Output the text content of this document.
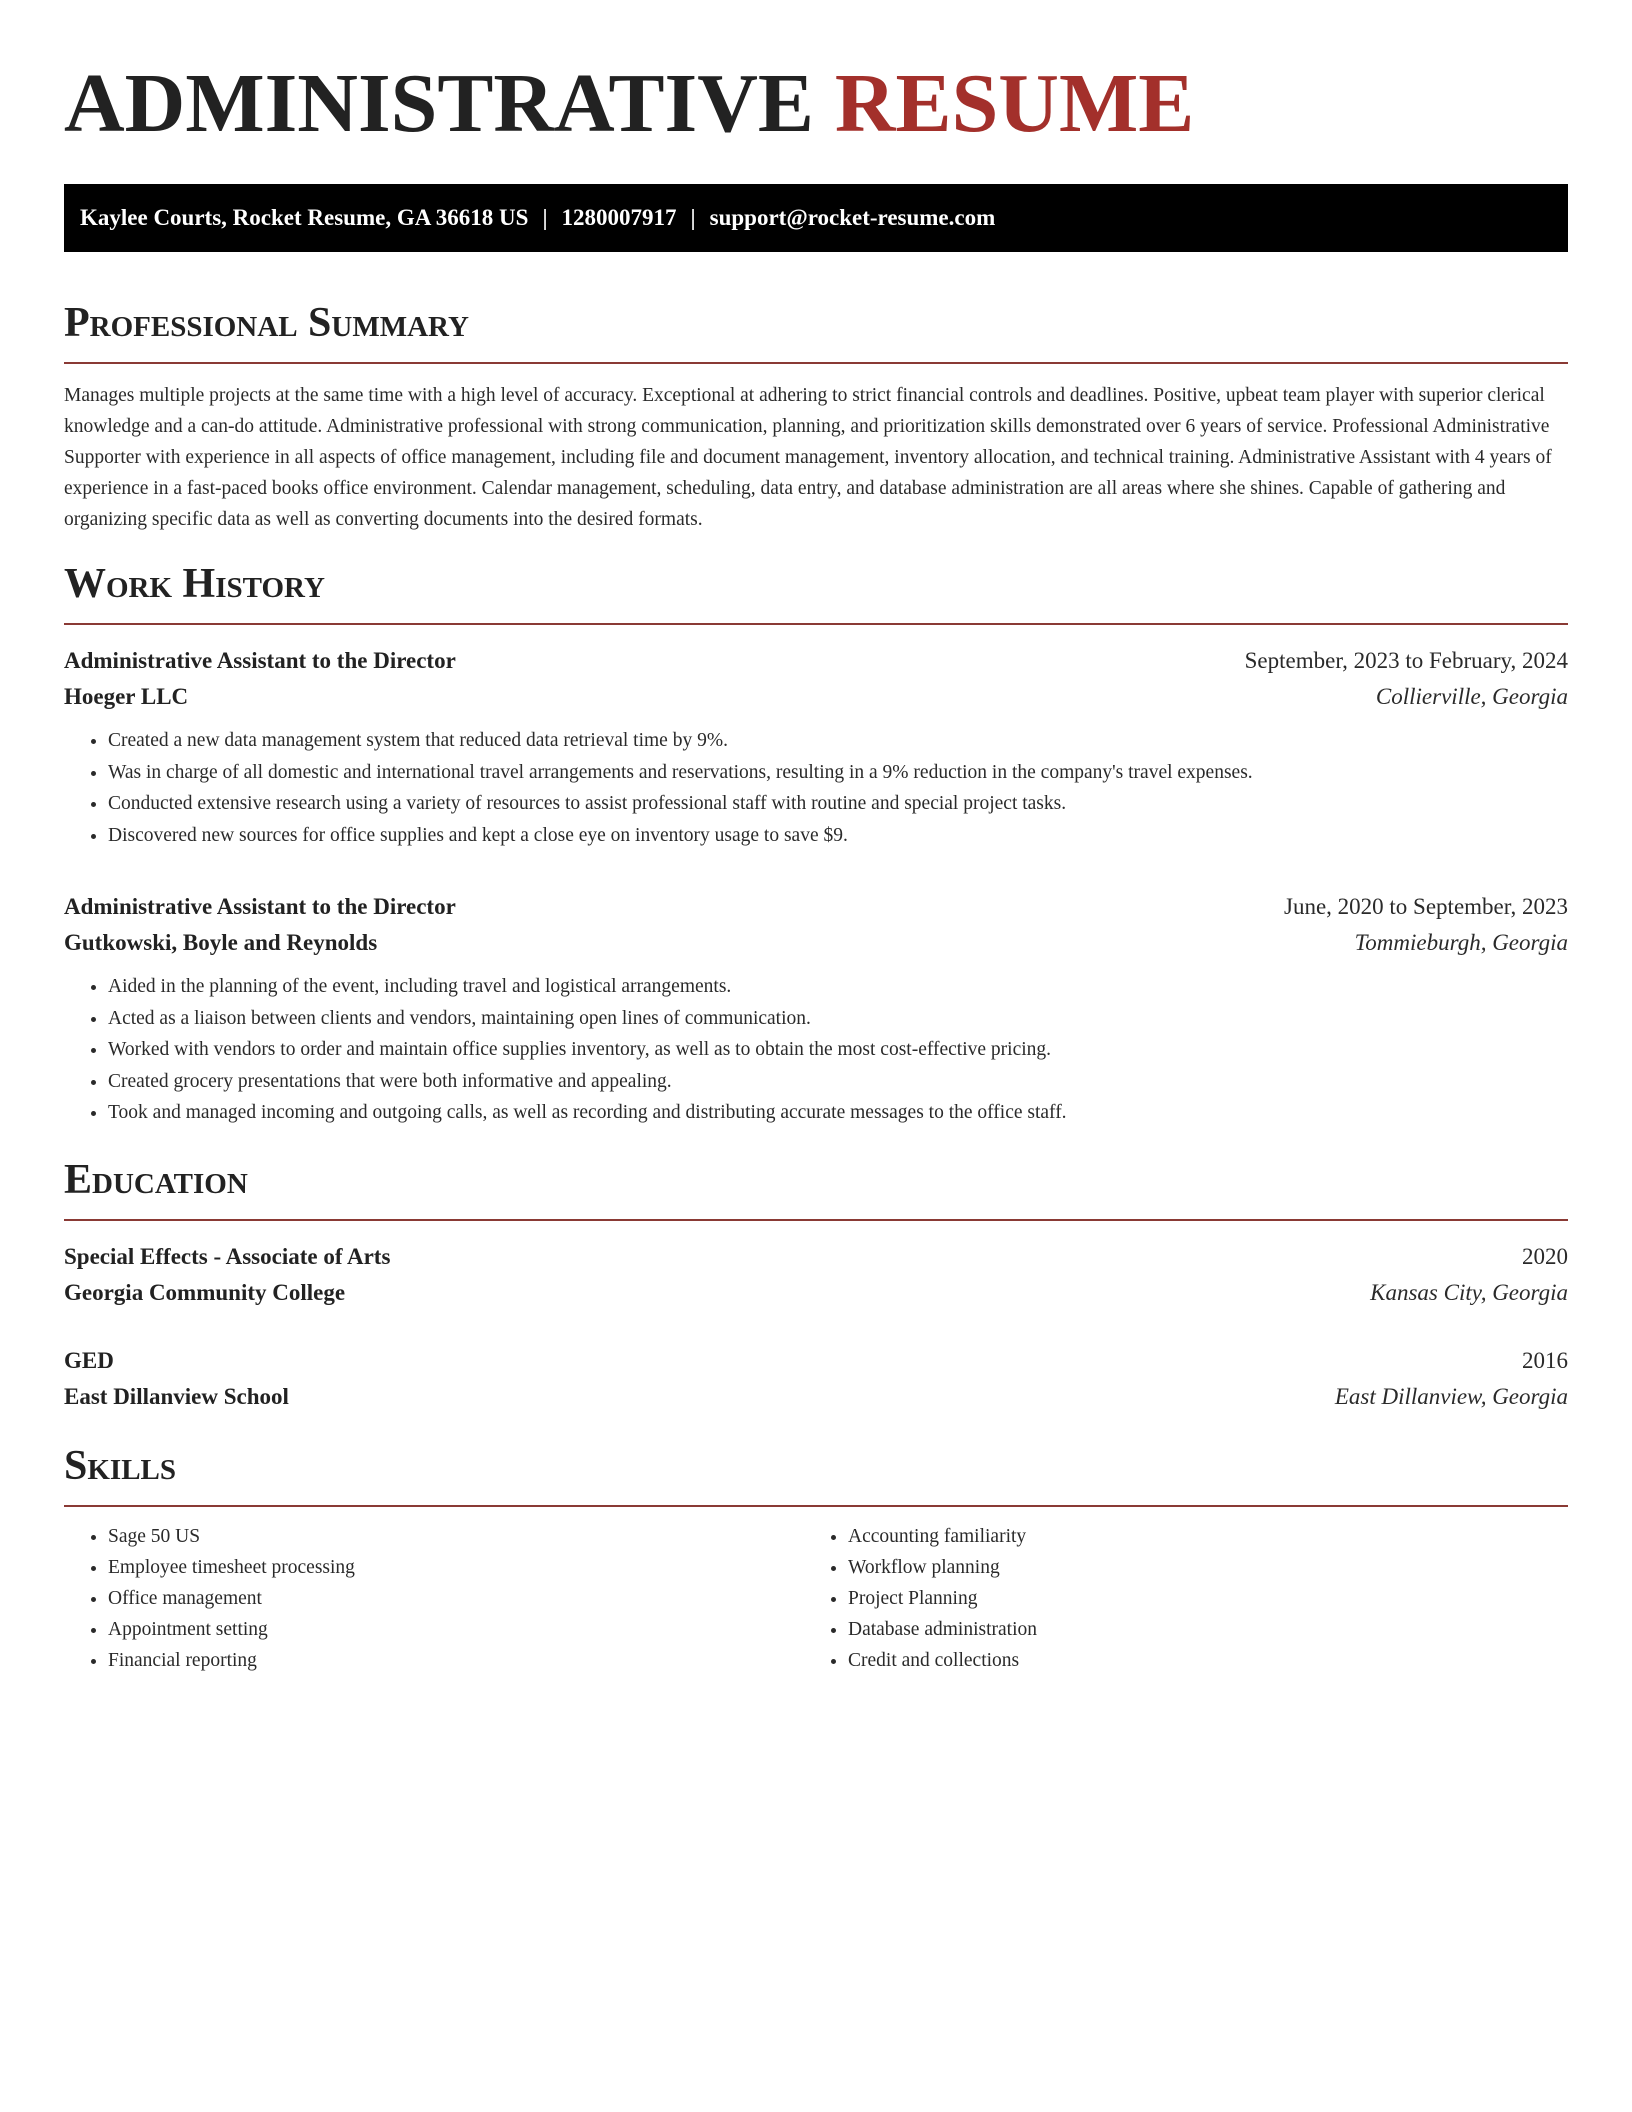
ADMINISTRATIVE RESUME
Kaylee Courts, Rocket Resume, GA 36618 US | 1280007917 | support@rocket-resume.com
Professional Summary

Manages multiple projects at the same time with a high level of accuracy. Exceptional at adhering to strict financial controls and deadlines. Positive, upbeat team player with superior clerical knowledge and a can-do attitude. Administrative professional with strong communication, planning, and prioritization skills demonstrated over 6 years of service. Professional Administrative Supporter with experience in all aspects of office management, including file and document management, inventory allocation, and technical training. Administrative Assistant with 4 years of experience in a fast-paced books office environment. Calendar management, scheduling, data entry, and database administration are all areas where she shines. Capable of gathering and organizing specific data as well as converting documents into the desired formats.

Work History
Administrative Assistant to the Director	September, 2023 to February, 2024
Hoeger LLC	Collierville, Georgia
• Created a new data management system that reduced data retrieval time by 9%.
• Was in charge of all domestic and international travel arrangements and reservations, resulting in a 9% reduction in the company's travel expenses.
• Conducted extensive research using a variety of resources to assist professional staff with routine and special project tasks.
• Discovered new sources for office supplies and kept a close eye on inventory usage to save $9.
Administrative Assistant to the Director	June, 2020 to September, 2023
Gutkowski, Boyle and Reynolds	Tommieburgh, Georgia
• Aided in the planning of the event, including travel and logistical arrangements.
• Acted as a liaison between clients and vendors, maintaining open lines of communication.
• Worked with vendors to order and maintain office supplies inventory, as well as to obtain the most cost-effective pricing.
• Created grocery presentations that were both informative and appealing.
• Took and managed incoming and outgoing calls, as well as recording and distributing accurate messages to the office staff.
Education
Special Effects - Associate of Arts	2020
Georgia Community College	Kansas City, Georgia
GED	2016
East Dillanview School	East Dillanview, Georgia
Skills
• Sage 50 US
• Employee timesheet processing
• Office management
• Appointment setting
• Financial reporting
• Accounting familiarity
• Workflow planning
• Project Planning
• Database administration
• Credit and collections
